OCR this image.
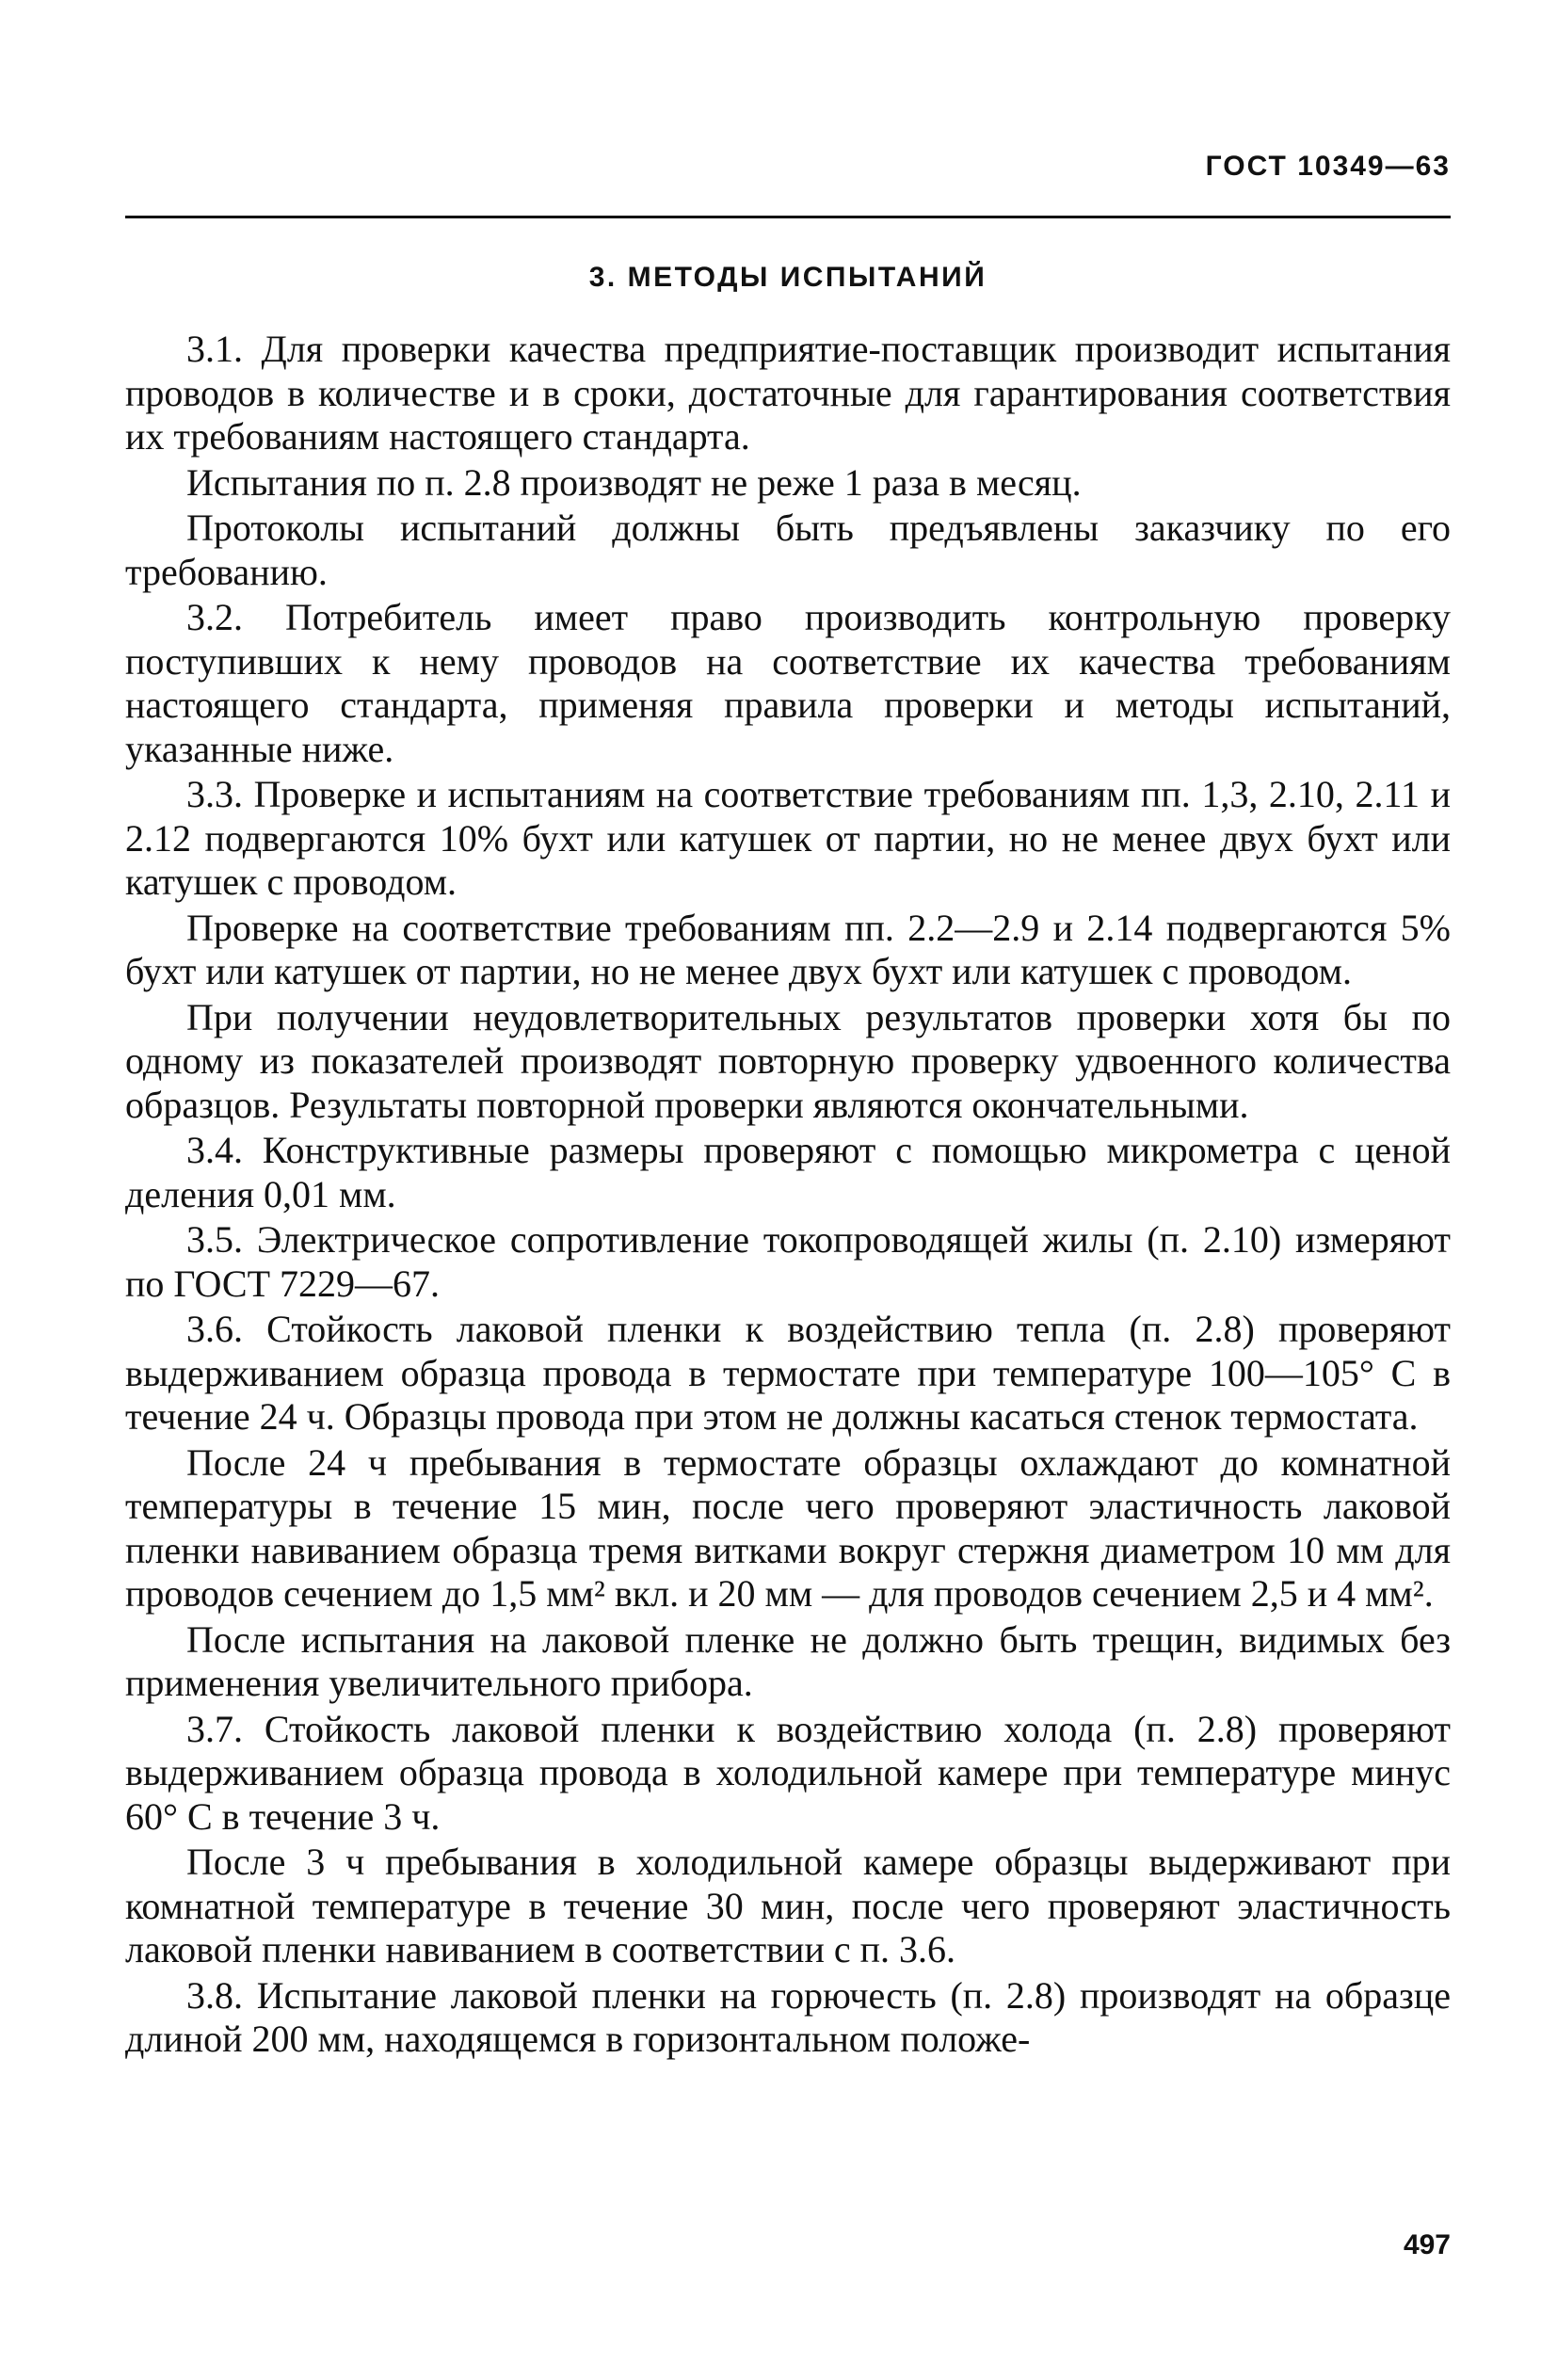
ГОСТ 10349—63
3. МЕТОДЫ ИСПЫТАНИЙ

3.1. Для проверки качества предприятие-поставщик производит испытания проводов в количестве и в сроки, достаточные для гарантирования соответствия их требованиям настоящего стандарта.

Испытания по п. 2.8 производят не реже 1 раза в месяц.

Протоколы испытаний должны быть предъявлены заказчику по его требованию.

3.2. Потребитель имеет право производить контрольную проверку поступивших к нему проводов на соответствие их качества требованиям настоящего стандарта, применяя правила проверки и методы испытаний, указанные ниже.

3.3. Проверке и испытаниям на соответствие требованиям пп. 1,3, 2.10, 2.11 и 2.12 подвергаются 10% бухт или катушек от партии, но не менее двух бухт или катушек с проводом.

Проверке на соответствие требованиям пп. 2.2—2.9 и 2.14 подвергаются 5% бухт или катушек от партии, но не менее двух бухт или катушек с проводом.

При получении неудовлетворительных результатов проверки хотя бы по одному из показателей производят повторную проверку удвоенного количества образцов. Результаты повторной проверки являются окончательными.

3.4. Конструктивные размеры проверяют с помощью микрометра с ценой деления 0,01 мм.

3.5. Электрическое сопротивление токопроводящей жилы (п. 2.10) измеряют по ГОСТ 7229—67.

3.6. Стойкость лаковой пленки к воздействию тепла (п. 2.8) проверяют выдерживанием образца провода в термостате при температуре 100—105° С в течение 24 ч. Образцы провода при этом не должны касаться стенок термостата.

После 24 ч пребывания в термостате образцы охлаждают до комнатной температуры в течение 15 мин, после чего проверяют эластичность лаковой пленки навиванием образца тремя витками вокруг стержня диаметром 10 мм для проводов сечением до 1,5 мм² вкл. и 20 мм — для проводов сечением 2,5 и 4 мм².

После испытания на лаковой пленке не должно быть трещин, видимых без применения увеличительного прибора.

3.7. Стойкость лаковой пленки к воздействию холода (п. 2.8) проверяют выдерживанием образца провода в холодильной камере при температуре минус 60° С в течение 3 ч.

После 3 ч пребывания в холодильной камере образцы выдерживают при комнатной температуре в течение 30 мин, после чего проверяют эластичность лаковой пленки навиванием в соответствии с п. 3.6.

3.8. Испытание лаковой пленки на горючесть (п. 2.8) производят на образце длиной 200 мм, находящемся в горизонтальном положе-

497
